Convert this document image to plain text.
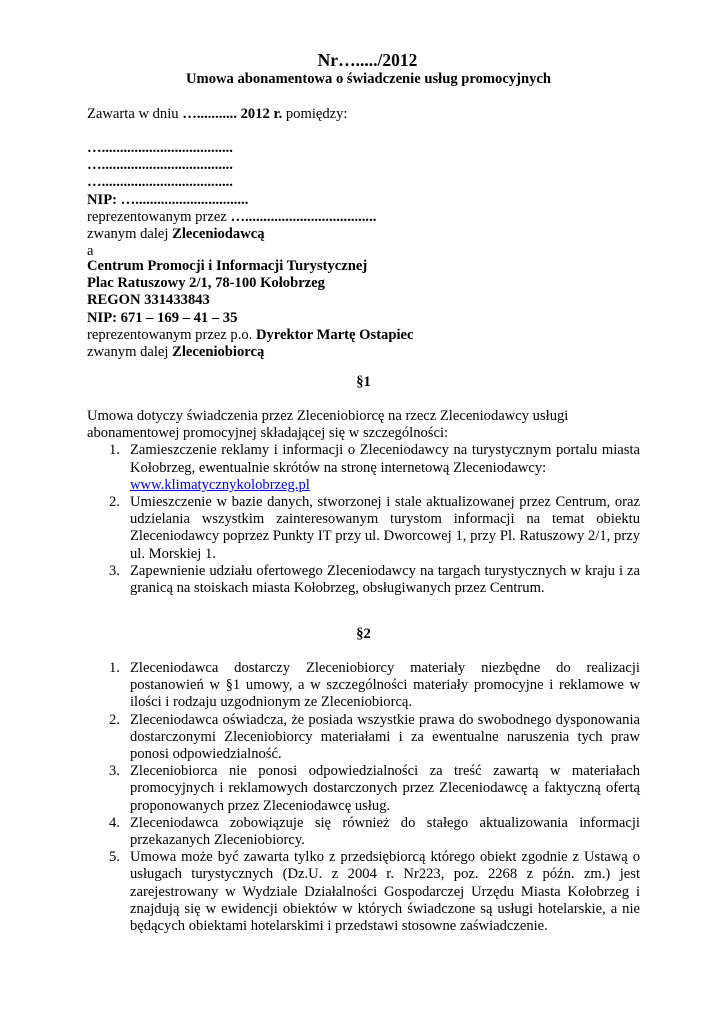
Nr…...../2012
Umowa abonamentowa o świadczenie usług promocyjnych
Zawarta w dniu …........... 2012 r. pomiędzy:
…....................................
…....................................
…....................................
NIP: …...............................
reprezentowanym przez …....................................
zwanym dalej Zleceniodawcą
a
Centrum Promocji i Informacji Turystycznej
Plac Ratuszowy 2/1, 78-100 Kołobrzeg
REGON 331433843
NIP: 671 – 169 – 41 – 35
reprezentowanym przez p.o. Dyrektor Martę Ostapiec
zwanym dalej Zleceniobiorcą
§1
Umowa dotyczy świadczenia przez Zleceniobiorcę na rzecz Zleceniodawcy usługi
abonamentowej promocyjnej składającej się w szczególności:
1. Zamieszczenie reklamy i informacji o Zleceniodawcy na turystycznym portalu miasta Kołobrzeg, ewentualnie skrótów na stronę internetową Zleceniodawcy:
www.klimatycznykolobrzeg.pl
2. Umieszczenie w bazie danych, stworzonej i stale aktualizowanej przez Centrum, oraz udzielania wszystkim zainteresowanym turystom informacji na temat obiektu Zleceniodawcy poprzez Punkty IT przy ul. Dworcowej 1, przy Pl. Ratuszowy 2/1, przy ul. Morskiej 1.
3. Zapewnienie udziału ofertowego Zleceniodawcy na targach turystycznych w kraju i za granicą na stoiskach miasta Kołobrzeg, obsługiwanych przez Centrum.
§2
1. Zleceniodawca dostarczy Zleceniobiorcy materiały niezbędne do realizacji postanowień w §1 umowy, a w szczególności materiały promocyjne i reklamowe w ilości i rodzaju uzgodnionym ze Zleceniobiorcą.
2. Zleceniodawca oświadcza, że posiada wszystkie prawa do swobodnego dysponowania dostarczonymi Zleceniobiorcy materiałami i za ewentualne naruszenia tych praw ponosi odpowiedzialność.
3. Zleceniobiorca nie ponosi odpowiedzialności za treść zawartą w materiałach promocyjnych i reklamowych dostarczonych przez Zleceniodawcę a faktyczną ofertą proponowanych przez Zleceniodawcę usług.
4. Zleceniodawca zobowiązuje się również do stałego aktualizowania informacji przekazanych Zleceniobiorcy.
5. Umowa może być zawarta tylko z przedsiębiorcą którego obiekt zgodnie z Ustawą o usługach turystycznych (Dz.U. z 2004 r. Nr223, poz. 2268 z późn. zm.) jest zarejestrowany w Wydziale Działalności Gospodarczej Urzędu Miasta Kołobrzeg i znajdują się w ewidencji obiektów w których świadczone są usługi hotelarskie, a nie będących obiektami hotelarskimi i przedstawi stosowne zaświadczenie.
